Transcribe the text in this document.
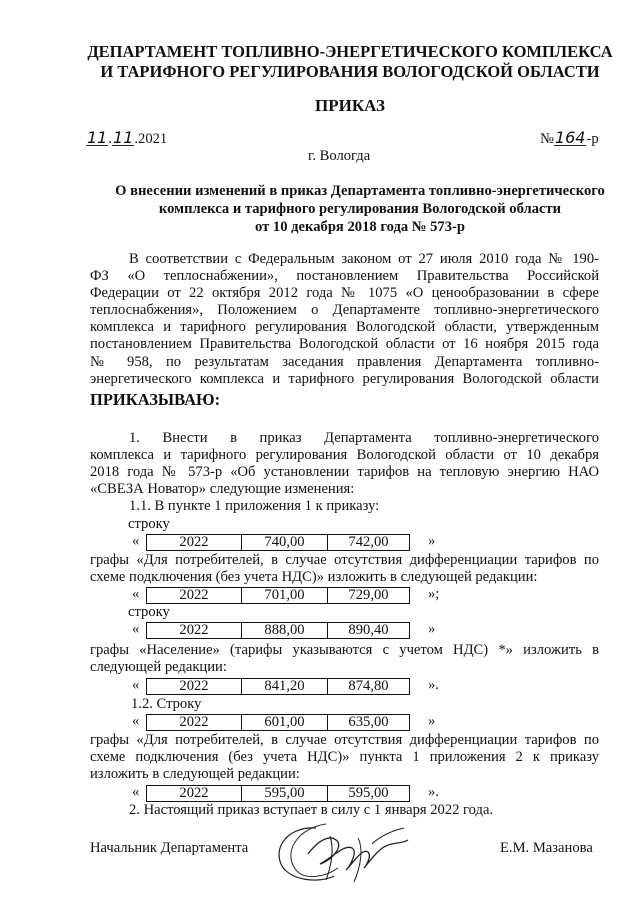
ДЕПАРТАМЕНТ ТОПЛИВНО-ЭНЕРГЕТИЧЕСКОГО КОМПЛЕКСА
И ТАРИФНОГО РЕГУЛИРОВАНИЯ ВОЛОГОДСКОЙ ОБЛАСТИ
ПРИКАЗ
11.11.2021	№164-р
г. Вологда
О внесении изменений в приказ Департамента топливно-энергетического
комплекса и тарифного регулирования Вологодской области
от 10 декабря 2018 года № 573-р
В соответствии с Федеральным законом от 27 июля 2010 года № 190-
ФЗ «О теплоснабжении», постановлением Правительства Российской
Федерации от 22 октября 2012 года № 1075 «О ценообразовании в сфере
теплоснабжения», Положением о Департаменте топливно-энергетического
комплекса и тарифного регулирования Вологодской области, утвержденным
постановлением Правительства Вологодской области от 16 ноября 2015 года
№ 958, по результатам заседания правления Департамента топливно-
энергетического комплекса и тарифного регулирования Вологодской области
ПРИКАЗЫВАЮ:
1. Внести в приказ Департамента топливно-энергетического
комплекса и тарифного регулирования Вологодской области от 10 декабря
2018 года № 573-р «Об установлении тарифов на тепловую энергию НАО
«СВЕЗА Новатор» следующие изменения:
1.1. В пункте 1 приложения 1 к приказу:
строку
«	2022	740,00	742,00	»
графы «Для потребителей, в случае отсутствия дифференциации тарифов по
схеме подключения (без учета НДС)» изложить в следующей редакции:
«	2022	701,00	729,00	»;
строку
«	2022	888,00	890,40	»
графы «Население» (тарифы указываются с учетом НДС) *» изложить в
следующей редакции:
«	2022	841,20	874,80	».
1.2. Строку
«	2022	601,00	635,00	»
графы «Для потребителей, в случае отсутствия дифференциации тарифов по
схеме подключения (без учета НДС)» пункта 1 приложения 2 к приказу
изложить в следующей редакции:
«	2022	595,00	595,00	».
2. Настоящий приказ вступает в силу с 1 января 2022 года.
Начальник Департамента	Е.М. Мазанова
